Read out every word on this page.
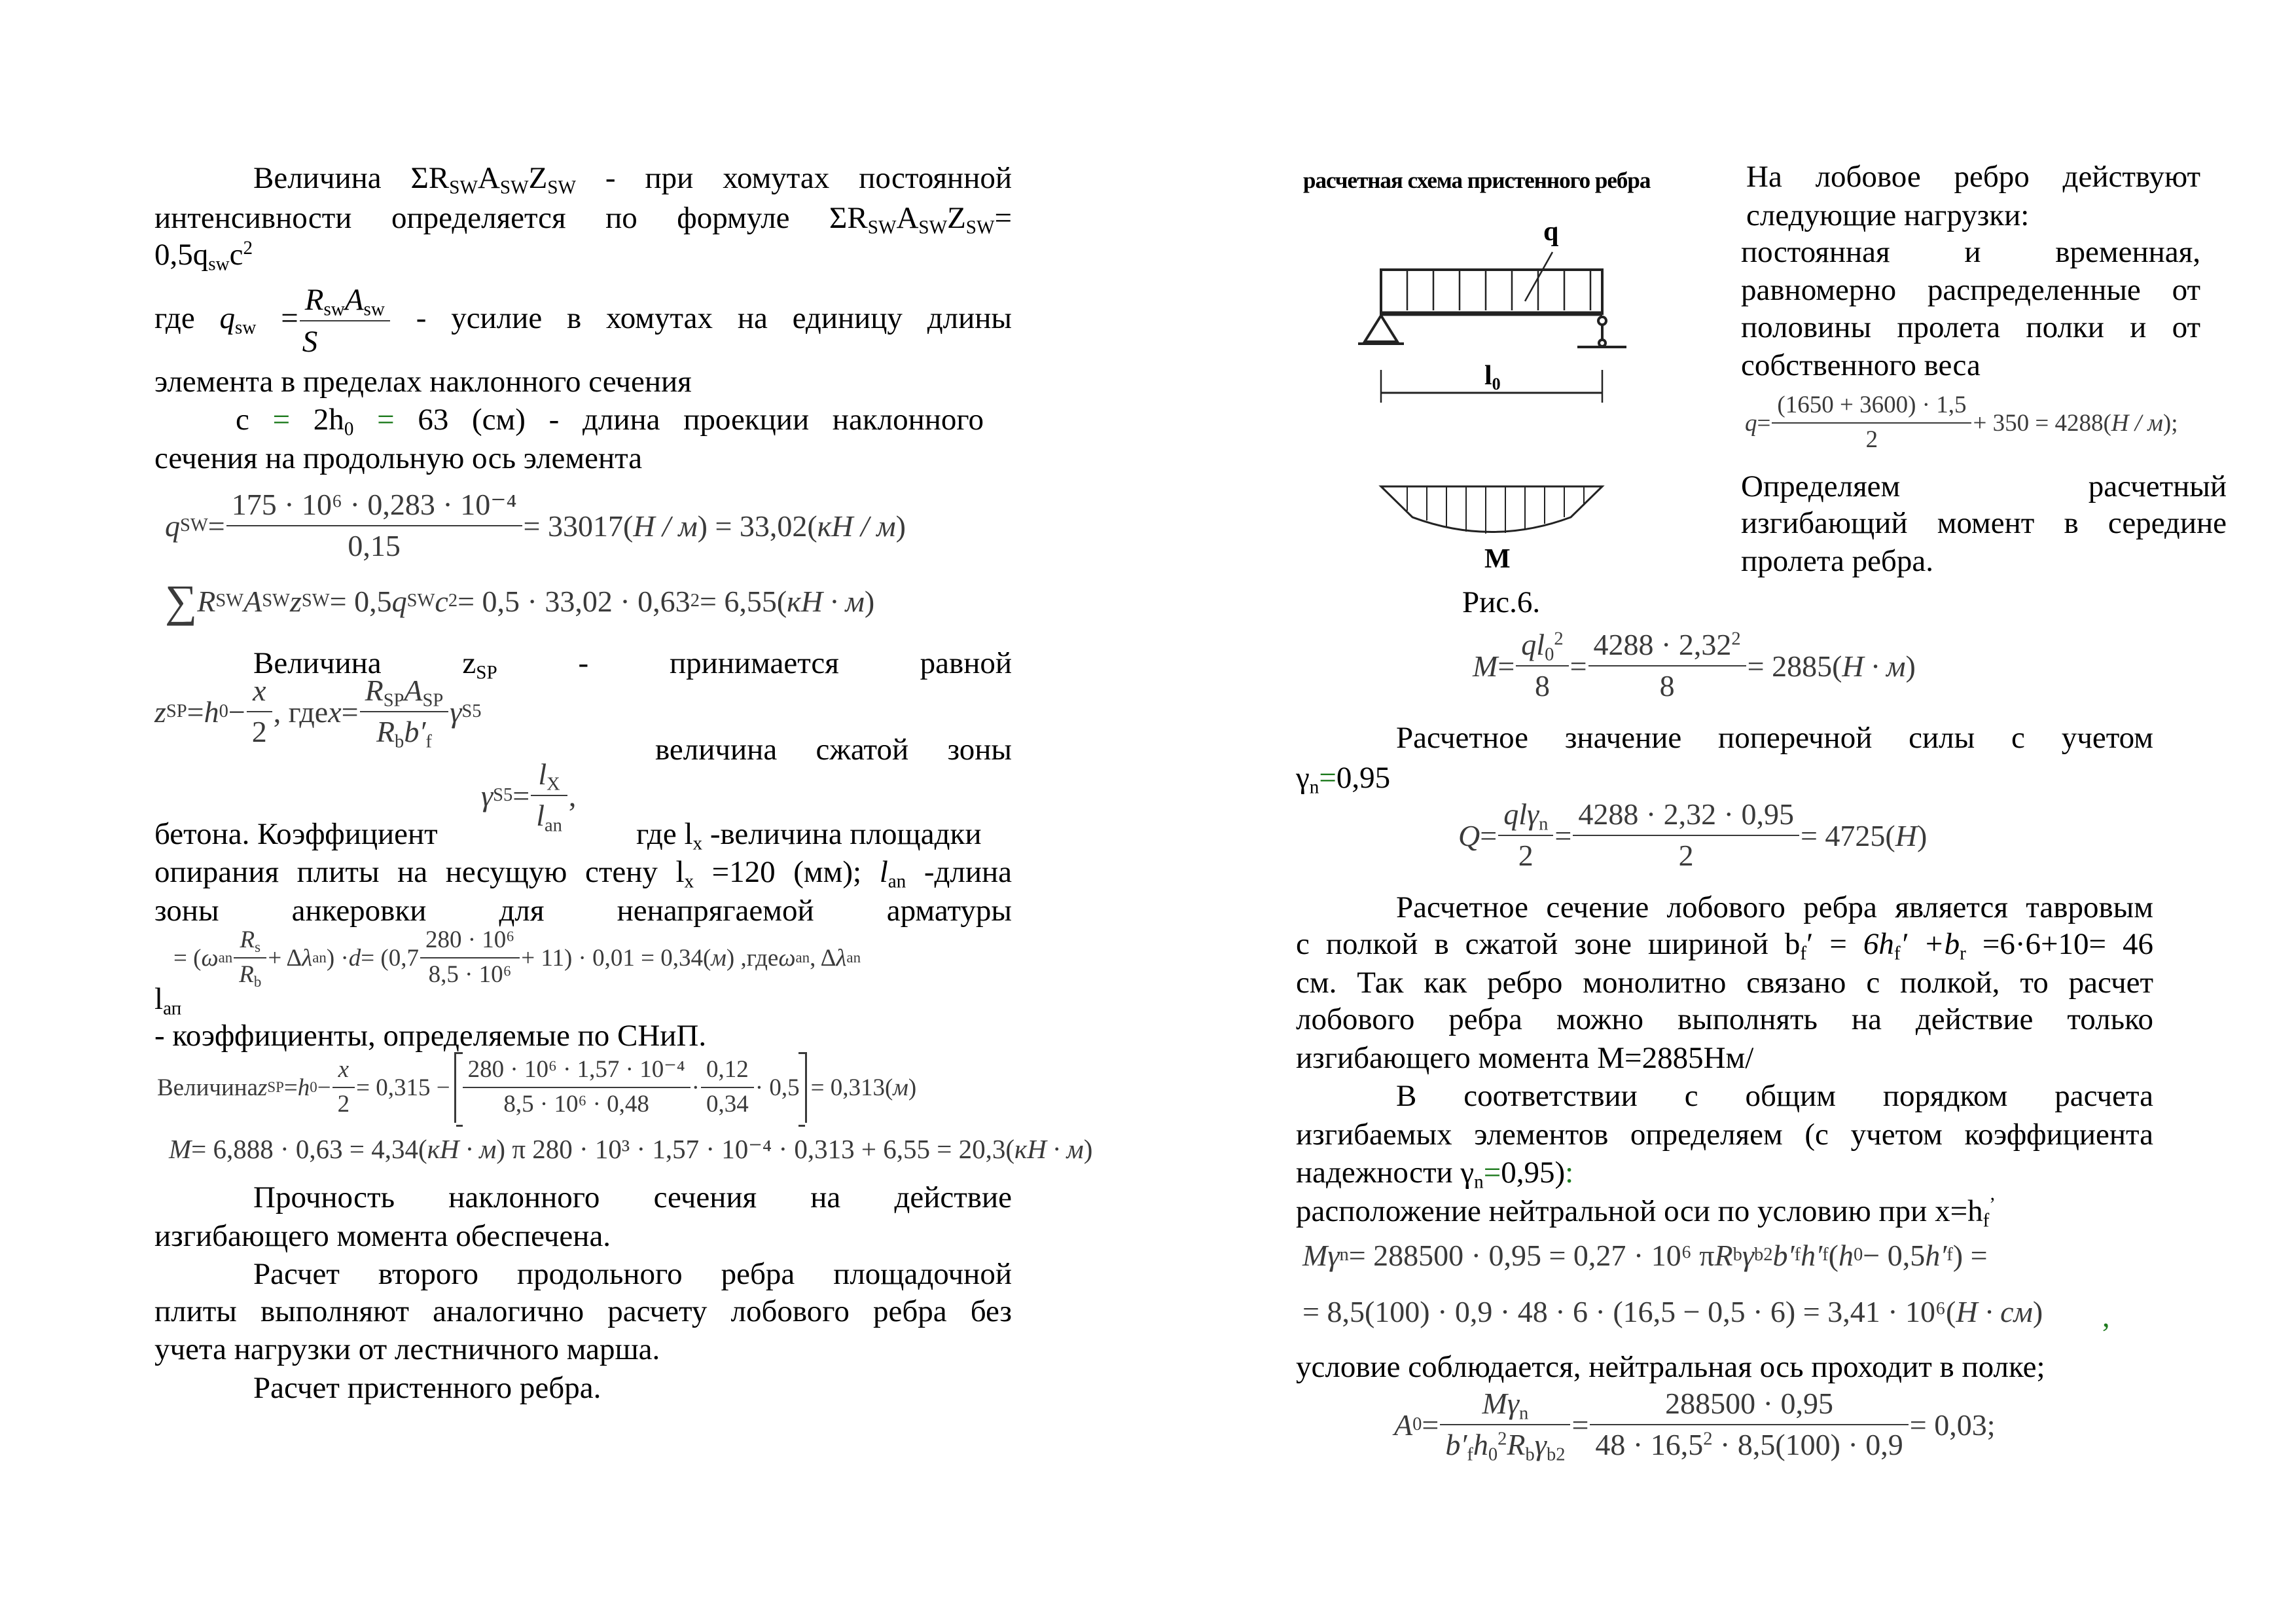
Величина $\Sigma R_{SW}A_{SW}Z_{SW}$ - при хомутах постоянной
интенсивности определяется по формуле $\Sigma R_{SW}A_{SW}Z_{SW}=$
$0,5q_{sw}c^2$
где $q_{sw} = \frac{R_{sw}A_{sw}}{S}$ - усилие в хомутах на единицу длины
элемента в пределах наклонного сечения
$c = 2h_0 = 63$ (см) - длина проекции наклонного
сечения на продольную ось элемента
q SW = $\frac{\text{175 · 10⁶ · 0,283 · 10⁻⁴}}{0,15} = 33017$( Н / м ) = 33,02( кН / м )
∑ R SW A SW z SW = 0,5 q SW c 2 = 0,5 · 33,02 · 0,63 2 = 6,55( кН · м )
Величина $z_{SP}$ - принимается равной
z SP = h $0 - \frac{x}{2}$ , где $x = \frac{R_{SP}A_{SP}}{R_bb'_f}$ γ S5
величина сжатой зоны
γ $S5 = \frac{l_X}{l_{an}}$ ,
бетона. Коэффициент	где $l_x$ -величина площадки
опирания плиты на несущую стену $l_x =120$ (мм); $l_{an}$ -длина
зоны анкеровки для ненапрягаемой арматуры
= ( ω an $\frac{R_s}{R_b} + \Delta$ λ an ) · $d = (0,7 \frac{\text{280 · 10⁶}}{\text{8,5 · 10⁶}} + 11) \cdot 0,01 = 0,34$( м ) ,где ω an , Δ λ an
$l_{ап}$
- коэффициенты, определяемые по СНиП.
Величина z SP = h $0 - \frac{x}{2} = 0,315 - \frac{\text{280 · 10⁶ · 1,57 · 10⁻⁴}}{\text{8,5 · 10⁶ · 0,48}} \cdot \frac{0,12}{0,34} \cdot 0,5 = 0,313$( м )
M = 6,888 · 0,63 = 4,34( кН · м ) π 280 · 10³ · 1,57 · 10⁻⁴ · 0,313 + 6,55 = 20,3( кН · м )
Прочность наклонного сечения на действие
изгибающего момента обеспечена.
Расчет второго продольного ребра площадочной
плиты выполняют аналогично расчету лобового ребра без
учета нагрузки от лестничного марша.
Расчет пристенного ребра.
расчетная схема пристенного ребра
q
$l_0$
M
Рис.6.
На лобовое ребро действуют
следующие нагрузки:
постоянная и временная,
равномерно распределенные от
половины пролета полки и от
собственного веса
$q = \frac{(1650 + 3600) \cdot 1,5}{2} + 350 = 4288$( Н / м );
Определяем расчетный
изгибающий момент в середине
пролета ребра.
$M = \frac{ql_0^2}{8} = \frac{4288 \cdot 2,32^2}{8} = 2885$( Н · м )
Расчетное значение поперечной силы с учетом
$\gamma_n=0,95$
$Q = \frac{ql\gamma_n}{2} = \frac{4288 \cdot 2,32 \cdot 0,95}{2} = 4725$( Н )
Расчетное сечение лобового ребра является тавровым
с полкой в сжатой зоне шириной $b_f' = 6h_f' +b_r =6\cdot 6+10= 46$
см. Так как ребро монолитно связано с полкой, то расчет
лобового ребра можно выполнять на действие только
изгибающего момента М=2885Нм/
В соответствии с общим порядком расчета
изгибаемых элементов определяем (с учетом коэффициента
надежности $\gamma_n=0,95$):
расположение нейтральной оси по условию при $x=h_f^’$
Mγ n = 288500 · 0,95 = 0,27 · 10⁶ π R b γ b2 b′ f h′ f ( h 0 − 0,5 h′ f ) =
= 8,5(100) · 0,9 · 48 · 6 · (16,5 − 0,5 · 6) = 3,41 · 10⁶( Н · см ) ,
условие соблюдается, нейтральная ось проходит в полке;
A $0 = \frac{M\gamma_n}{b'_fh_0^2R_b\gamma_{b2}} = \frac{288500 \cdot 0,95}{48 \cdot 16,5^2 \cdot 8,5(100) \cdot 0,9} = 0,03$;
